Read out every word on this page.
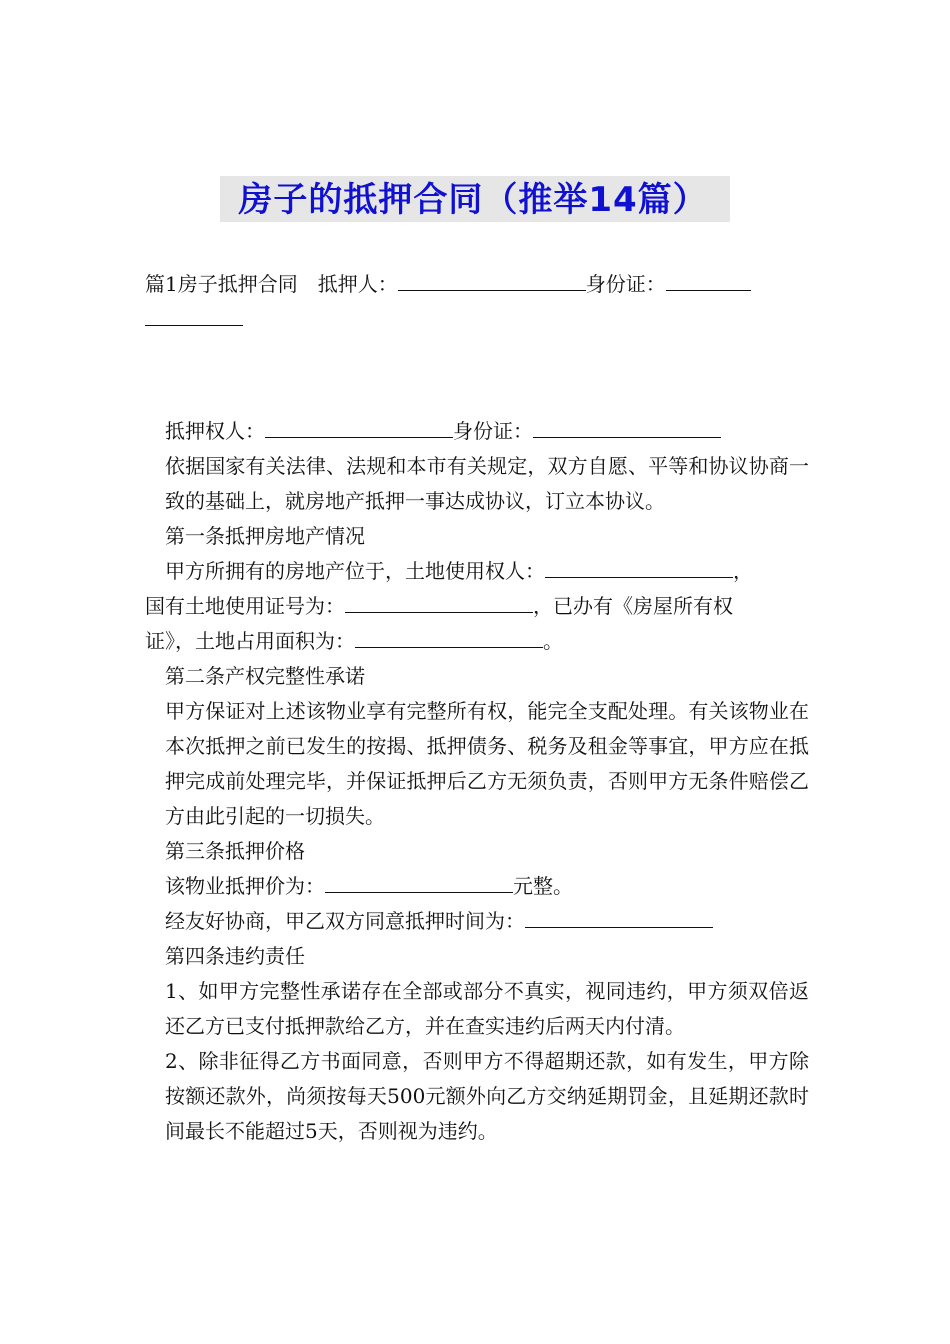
房子的抵押合同（推举14篇）
篇1房子抵押合同　抵押人：	身份证：
抵押权人：	身份证：
依据国家有关法律、法规和本市有关规定，双方自愿、平等和协议协商一致的基础上，就房地产抵押一事达成协议，订立本协议。
第一条抵押房地产情况
甲方所拥有的房地产位于，土地使用权人：	，
国有土地使用证号为：	，已办有《房屋所有权
证》，土地占用面积为：	。
第二条产权完整性承诺
甲方保证对上述该物业享有完整所有权，能完全支配处理。有关该物业在本次抵押之前已发生的按揭、抵押债务、税务及租金等事宜，甲方应在抵押完成前处理完毕，并保证抵押后乙方无须负责，否则甲方无条件赔偿乙方由此引起的一切损失。
第三条抵押价格
该物业抵押价为：	元整。
经友好协商，甲乙双方同意抵押时间为：
第四条违约责任
1、如甲方完整性承诺存在全部或部分不真实，视同违约，甲方须双倍返还乙方已支付抵押款给乙方，并在查实违约后两天内付清。
2、除非征得乙方书面同意，否则甲方不得超期还款，如有发生，甲方除按额还款外，尚须按每天500元额外向乙方交纳延期罚金，且延期还款时间最长不能超过5天，否则视为违约。
